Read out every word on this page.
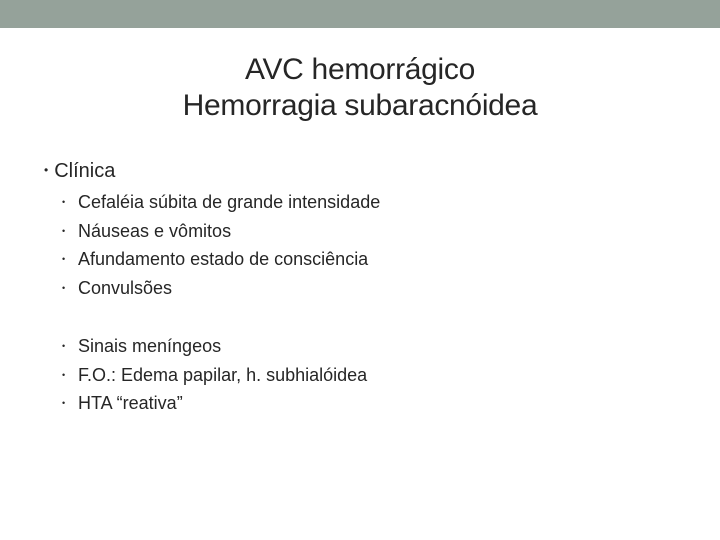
AVC hemorrágico
Hemorragia subaracnóidea
• Clínica
• Cefaléia súbita de grande intensidade
• Náuseas e vômitos
• Afundamento estado de consciência
• Convulsões
• Sinais meníngeos
• F.O.: Edema papilar, h. subhialóidea
• HTA “reativa”
